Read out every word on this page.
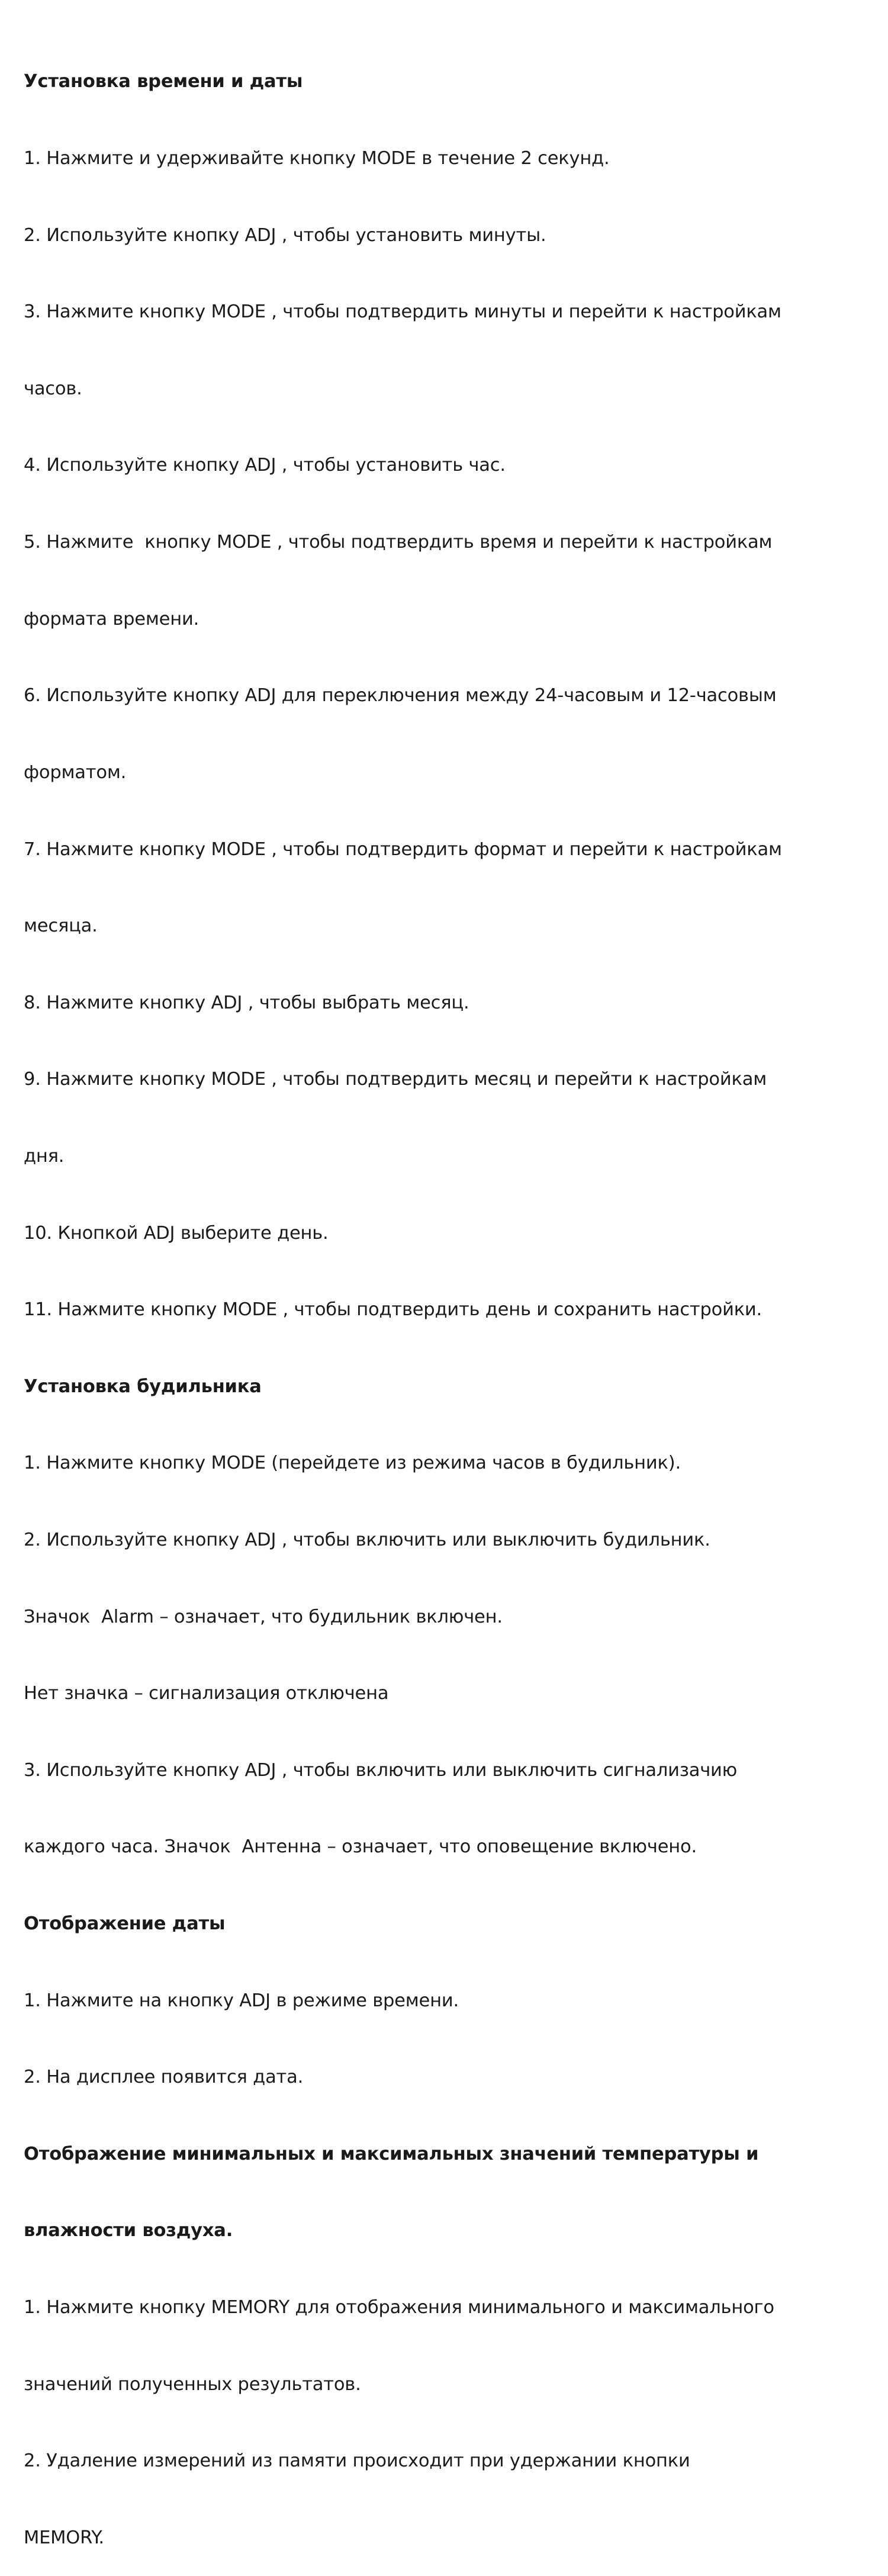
Установка времени и даты

1. Нажмите и удерживайте кнопку MODE в течение 2 секунд.

2. Используйте кнопку ADJ , чтобы установить минуты.

3. Нажмите кнопку MODE , чтобы подтвердить минуты и перейти к настройкам

часов.

4. Используйте кнопку ADJ , чтобы установить час.

5. Нажмите  кнопку MODE , чтобы подтвердить время и перейти к настройкам

формата времени.

6. Используйте кнопку ADJ для переключения между 24-часовым и 12-часовым

форматом.

7. Нажмите кнопку MODE , чтобы подтвердить формат и перейти к настройкам

месяца.

8. Нажмите кнопку ADJ , чтобы выбрать месяц.

9. Нажмите кнопку MODE , чтобы подтвердить месяц и перейти к настройкам

дня.

10. Кнопкой ADJ выберите день.

11. Нажмите кнопку MODE , чтобы подтвердить день и сохранить настройки.

Установка будильника

1. Нажмите кнопку MODE (перейдете из режима часов в будильник).

2. Используйте кнопку ADJ , чтобы включить или выключить будильник.

Значок  Alarm – означает, что будильник включен.

Нет значка – сигнализация отключена

3. Используйте кнопку ADJ , чтобы включить или выключить сигнализачию

каждого часа. Значок  Антенна – означает, что оповещение включено.

Отображение даты

1. Нажмите на кнопку ADJ в режиме времени.

2. На дисплее появится дата.

Отображение минимальных и максимальных значений температуры и

влажности воздуха.

1. Нажмите кнопку MEMORY для отображения минимального и максимального

значений полученных результатов.

2. Удаление измерений из памяти происходит при удержании кнопки

MEMORY.
